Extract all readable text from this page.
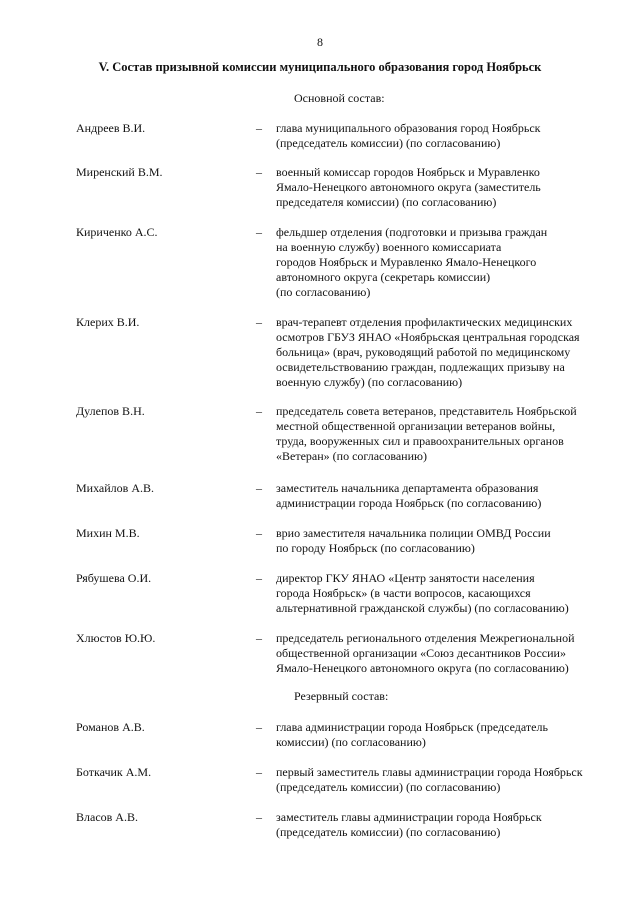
8
V. Состав призывной комиссии муниципального образования город Ноябрьск
Основной состав:
Андреев В.И.	– глава муниципального образования город Ноябрьск
(председатель комиссии) (по согласованию)
Миренский В.М.	– военный комиссар городов Ноябрьск и Муравленко
Ямало-Ненецкого автономного округа (заместитель
председателя комиссии) (по согласованию)
Кириченко А.С.	– фельдшер отделения (подготовки и призыва граждан
на военную службу) военного комиссариата
городов Ноябрьск и Муравленко Ямало-Ненецкого
автономного округа (секретарь комиссии)
(по согласованию)
Клерих В.И.	– врач-терапевт отделения профилактических медицинских
осмотров ГБУЗ ЯНАО «Ноябрьская центральная городская
больница» (врач, руководящий работой по медицинскому
освидетельствованию граждан, подлежащих призыву на
военную службу) (по согласованию)
Дулепов В.Н.	– председатель совета ветеранов, представитель Ноябрьской
местной общественной организации ветеранов войны,
труда, вооруженных сил и правоохранительных органов
«Ветеран» (по согласованию)
Михайлов А.В.	– заместитель начальника департамента образования
администрации города Ноябрьск (по согласованию)
Михин М.В.	– врио заместителя начальника полиции ОМВД России
по городу Ноябрьск (по согласованию)
Рябушева О.И.	– директор ГКУ ЯНАО «Центр занятости населения
города Ноябрьск» (в части вопросов, касающихся
альтернативной гражданской службы) (по согласованию)
Хлюстов Ю.Ю.	– председатель регионального отделения Межрегиональной
общественной организации «Союз десантников России»
Ямало-Ненецкого автономного округа (по согласованию)
Резервный состав:
Романов А.В.	– глава администрации города Ноябрьск (председатель
комиссии) (по согласованию)
Боткачик А.М.	– первый заместитель главы администрации города Ноябрьск
(председатель комиссии) (по согласованию)
Власов А.В.	– заместитель главы администрации города Ноябрьск
(председатель комиссии) (по согласованию)
